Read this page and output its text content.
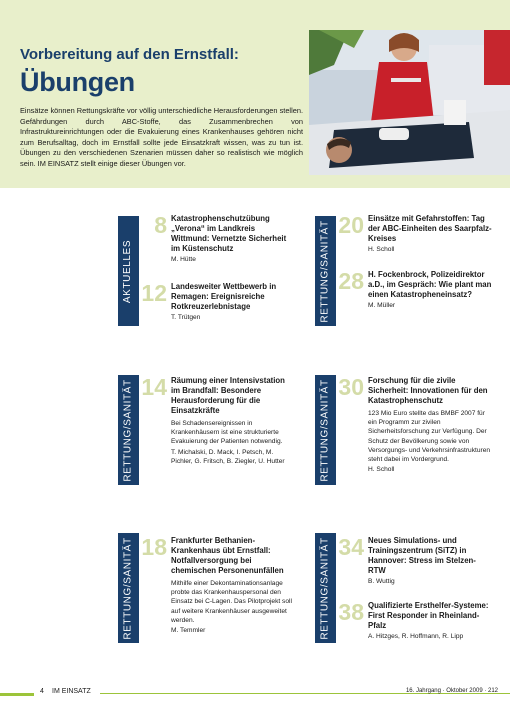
Vorbereitung auf den Ernstfall:
Übungen

Einsätze können Rettungskräfte vor völlig unterschiedliche Herausforderungen stellen. Gefährdungen durch ABC-Stoffe, das Zusammenbrechen von Infrastruktureinrichtungen oder die Evakuierung eines Krankenhauses gehören nicht zum Berufsalltag, doch im Ernstfall sollte jede Einsatzkraft wissen, was zu tun ist. Übungen zu den verschiedenen Szenarien müssen daher so realistisch wie möglich sein. IM EINSATZ stellt einige dieser Übungen vor.

AKTUELLES	RETTUNG/SANITÄT
RETTUNG/SANITÄT	RETTUNG/SANITÄT
RETTUNG/SANITÄT	RETTUNG/SANITÄT
8 Katastrophenschutzübung „Verona“ im Landkreis Wittmund: Vernetzte Sicherheit im Küstenschutz
M. Hütte
12 Landesweiter Wettbewerb in Remagen: Ereignisreiche Rotkreuzerlebnistage
T. Trütgen
20 Einsätze mit Gefahrstoffen: Tag der ABC-Einheiten des Saarpfalz-Kreises
H. Scholl
28 H. Fockenbrock, Polizeidirektor a.D., im Gespräch: Wie plant man einen Katastropheneinsatz?
M. Müller
14 Räumung einer Intensivstation im Brandfall: Besondere Herausforderung für die Einsatzkräfte
Bei Schadensereignissen in Krankenhäusern ist eine strukturierte Evakuierung der Patienten notwendig.
T. Michalski, D. Mack, I. Petsch, M. Pichler, G. Fritsch, B. Ziegler, U. Hutter
30 Forschung für die zivile Sicherheit: Innovationen für den Katastrophenschutz
123 Mio Euro stellte das BMBF 2007 für ein Programm zur zivilen Sicherheitsforschung zur Verfügung. Der Schutz der Bevölkerung sowie von Versorgungs- und Verkehrsinfrastrukturen steht dabei im Vordergrund.
H. Scholl
18 Frankfurter Bethanien-Krankenhaus übt Ernstfall: Notfallversorgung bei chemischen Personenunfällen
Mithilfe einer Dekontaminationsanlage probte das Krankenhauspersonal den Einsatz bei C-Lagen. Das Pilotprojekt soll auf weitere Krankenhäuser ausgeweitet werden.
M. Temmler
34 Neues Simulations- und Trainingszentrum (SiTZ) in Hannover: Stress im Stelzen-RTW
B. Wuttig
38 Qualifizierte Ersthelfer-Systeme: First Responder in Rheinland-Pfalz
A. Hitzges, R. Hoffmann, R. Lipp
4 IM EINSATZ	16. Jahrgang · Oktober 2009 · 212
